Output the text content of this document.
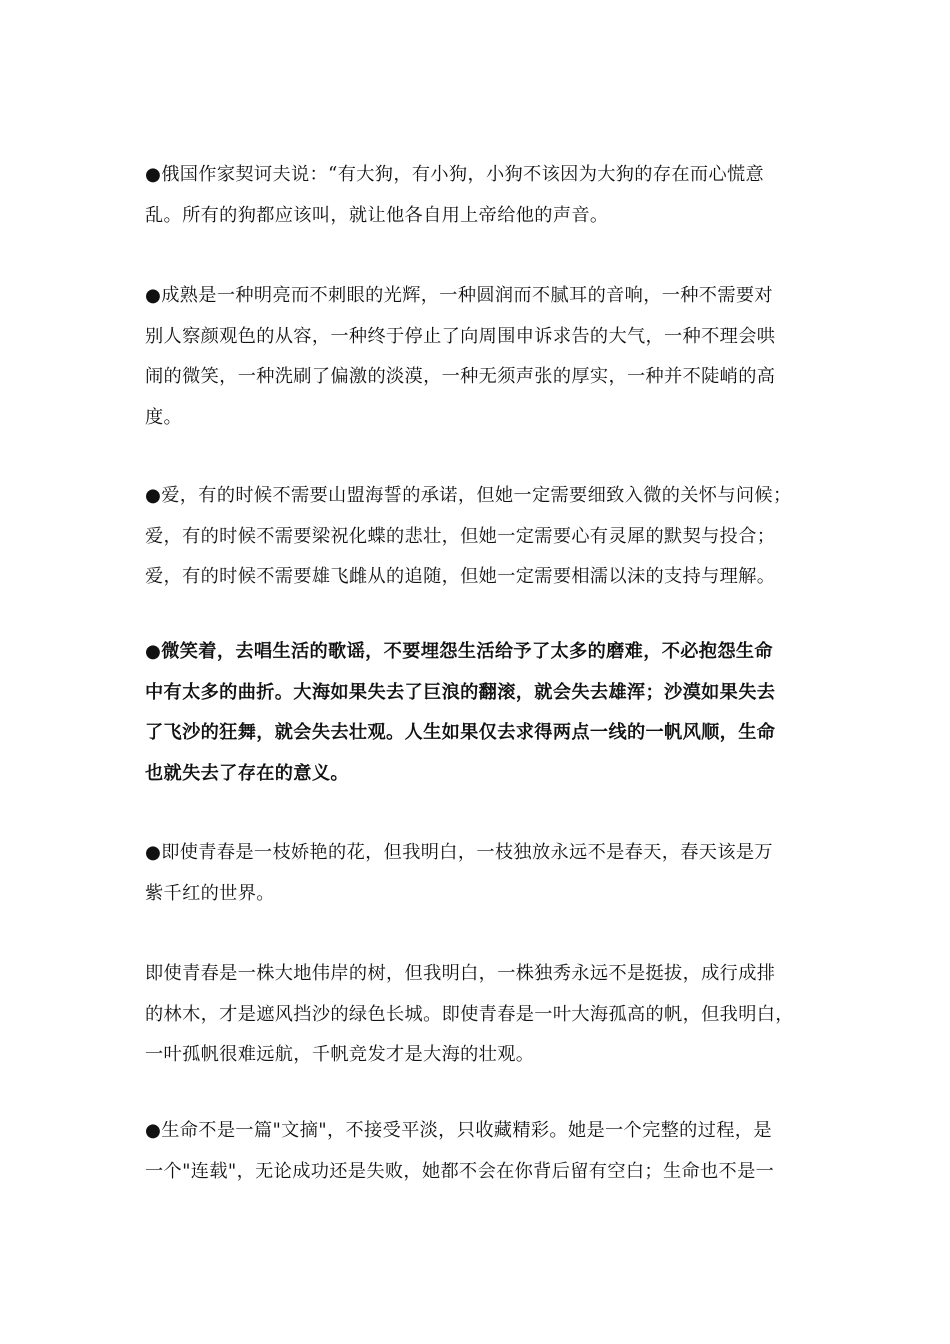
●俄国作家契诃夫说：“有大狗，有小狗，小狗不该因为大狗的存在而心慌意
乱。所有的狗都应该叫，就让他各自用上帝给他的声音。
●成熟是一种明亮而不刺眼的光辉，一种圆润而不腻耳的音响，一种不需要对
别人察颜观色的从容，一种终于停止了向周围申诉求告的大气，一种不理会哄
闹的微笑，一种洗刷了偏激的淡漠，一种无须声张的厚实，一种并不陡峭的高
度。
●爱，有的时候不需要山盟海誓的承诺，但她一定需要细致入微的关怀与问候；
爱，有的时候不需要梁祝化蝶的悲壮，但她一定需要心有灵犀的默契与投合；
爱，有的时候不需要雄飞雌从的追随，但她一定需要相濡以沫的支持与理解。
●微笑着，去唱生活的歌谣，不要埋怨生活给予了太多的磨难，不必抱怨生命
中有太多的曲折。大海如果失去了巨浪的翻滚，就会失去雄浑；沙漠如果失去
了飞沙的狂舞，就会失去壮观。人生如果仅去求得两点一线的一帆风顺，生命
也就失去了存在的意义。
●即使青春是一枝娇艳的花，但我明白，一枝独放永远不是春天，春天该是万
紫千红的世界。
即使青春是一株大地伟岸的树，但我明白，一株独秀永远不是挺拔，成行成排
的林木，才是遮风挡沙的绿色长城。即使青春是一叶大海孤高的帆，但我明白，
一叶孤帆很难远航，千帆竞发才是大海的壮观。
●生命不是一篇"文摘"，不接受平淡，只收藏精彩。她是一个完整的过程，是
一个"连载"，无论成功还是失败，她都不会在你背后留有空白；生命也不是一
